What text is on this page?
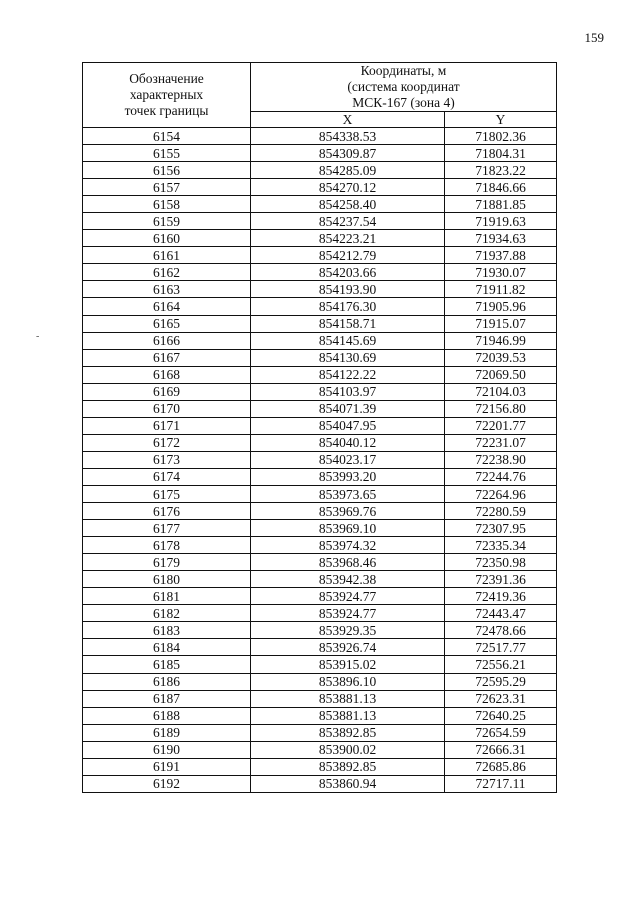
159
-
Обозначение
характерных
точек границы	Координаты, м
(система координат
МСК-167 (зона 4)	

	X	Y
6154	854338.53	71802.36
6155	854309.87	71804.31
6156	854285.09	71823.22
6157	854270.12	71846.66
6158	854258.40	71881.85
6159	854237.54	71919.63
6160	854223.21	71934.63
6161	854212.79	71937.88
6162	854203.66	71930.07
6163	854193.90	71911.82
6164	854176.30	71905.96
6165	854158.71	71915.07
6166	854145.69	71946.99
6167	854130.69	72039.53
6168	854122.22	72069.50
6169	854103.97	72104.03
6170	854071.39	72156.80
6171	854047.95	72201.77
6172	854040.12	72231.07
6173	854023.17	72238.90
6174	853993.20	72244.76
6175	853973.65	72264.96
6176	853969.76	72280.59
6177	853969.10	72307.95
6178	853974.32	72335.34
6179	853968.46	72350.98
6180	853942.38	72391.36
6181	853924.77	72419.36
6182	853924.77	72443.47
6183	853929.35	72478.66
6184	853926.74	72517.77
6185	853915.02	72556.21
6186	853896.10	72595.29
6187	853881.13	72623.31
6188	853881.13	72640.25
6189	853892.85	72654.59
6190	853900.02	72666.31
6191	853892.85	72685.86
6192	853860.94	72717.11
